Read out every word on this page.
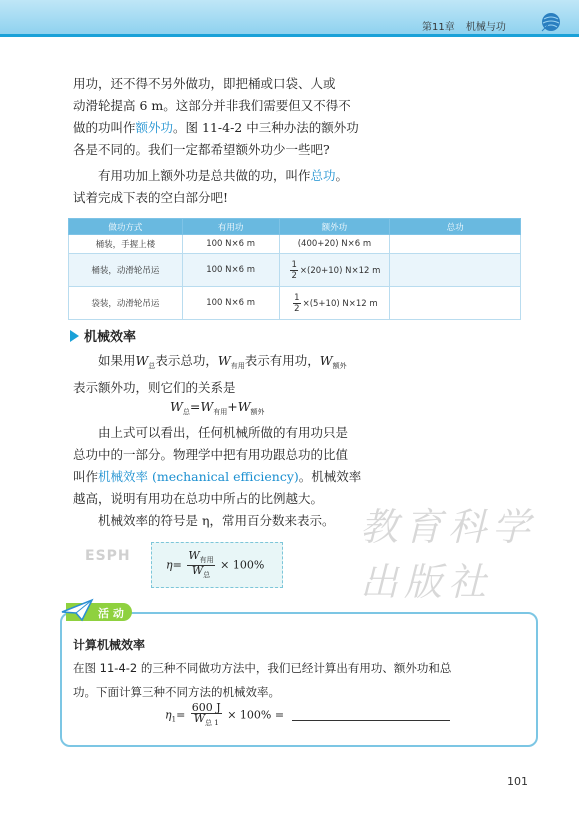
第11章 机械与功
用功，还不得不另外做功，即把桶或口袋、人或
动滑轮提高 6 m。这部分并非我们需要但又不得不
做的功叫作额外功。图 11-4-2 中三种办法的额外功
各是不同的。我们一定都希望额外功少一些吧?
有用功加上额外功是总共做的功，叫作总功。
试着完成下表的空白部分吧!
做功方式	有用功	额外功	总功
桶装，手握上楼	100 N×6 m	(400+20) N×6 m	
桶装，动滑轮吊运	100 N×6 m	$\frac{1}{2} \times(20+10)$ N×12 m	
袋装，动滑轮吊运	100 N×6 m	$\frac{1}{2} \times(5+10)$ N×12 m	
机械效率
如果用$W_总$表示总功，$W_{有用}$表示有用功，$W_{额外}$
表示额外功，则它们的关系是
$W_总=W_{有用}+W_{额外}$
由上式可以看出，任何机械所做的有用功只是
总功中的一部分。物理学中把有用功跟总功的比值
叫作机械效率 (mechanical efficiency)。机械效率
越高，说明有用功在总功中所占的比例越大。
机械效率的符号是 η，常用百分数来表示。 教育科学出版社
ESPH
$\eta= \frac{W_{有用}}{W_总} \times 100\%$
活 动
计算机械效率
在图 11-4-2 的三种不同做功方法中，我们已经计算出有用功、额外功和总
功。下面计算三种不同方法的机械效率。
$\eta_1= \frac{600 J}{W_{总 1}} \times 100\%$ =
101
